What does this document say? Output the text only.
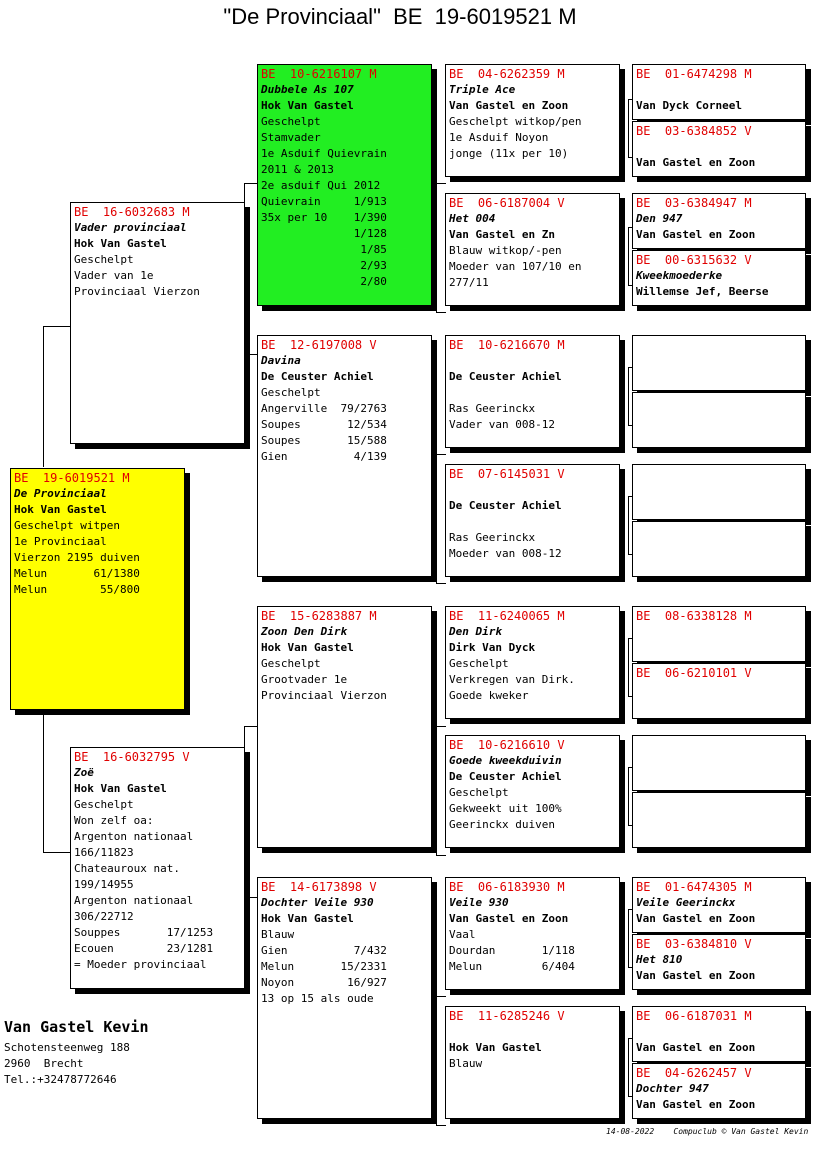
"De Provinciaal"  BE  19-6019521 M
BE  19-6019521 M
De Provinciaal
Hok Van Gastel
Geschelpt witpen
1e Provinciaal
Vierzon 2195 duiven
Melun       61/1380
Melun        55/800
BE  16-6032683 M
Vader provinciaal
Hok Van Gastel
Geschelpt
Vader van 1e
Provinciaal Vierzon
BE  16-6032795 V
Zoë
Hok Van Gastel
Geschelpt
Won zelf oa:
Argenton nationaal
166/11823
Chateauroux nat.
199/14955
Argenton nationaal
306/22712
Souppes       17/1253
Ecouen        23/1281
= Moeder provinciaal
BE  10-6216107 M
Dubbele As 107
Hok Van Gastel
Geschelpt
Stamvader
1e Asduif Quievrain
2011 & 2013
2e asduif Qui 2012
Quievrain     1/913
35x per 10    1/390
1/128
1/85
2/93
2/80
BE  12-6197008 V
Davina
De Ceuster Achiel
Geschelpt
Angerville  79/2763
Soupes       12/534
Soupes       15/588
Gien          4/139
BE  15-6283887 M
Zoon Den Dirk
Hok Van Gastel
Geschelpt
Grootvader 1e
Provinciaal Vierzon
BE  14-6173898 V
Dochter Veile 930
Hok Van Gastel
Blauw
Gien          7/432
Melun       15/2331
Noyon        16/927
13 op 15 als oude
BE  04-6262359 M
Triple Ace
Van Gastel en Zoon
Geschelpt witkop/pen
1e Asduif Noyon
jonge (11x per 10)
BE  06-6187004 V
Het 004
Van Gastel en Zn
Blauw witkop/-pen
Moeder van 107/10 en
277/11
BE  10-6216670 M
De Ceuster Achiel
Ras Geerinckx
Vader van 008-12
BE  07-6145031 V
De Ceuster Achiel
Ras Geerinckx
Moeder van 008-12
BE  11-6240065 M
Den Dirk
Dirk Van Dyck
Geschelpt
Verkregen van Dirk.
Goede kweker
BE  10-6216610 V
Goede kweekduivin
De Ceuster Achiel
Geschelpt
Gekweekt uit 100%
Geerinckx duiven
BE  06-6183930 M
Veile 930
Van Gastel en Zoon
Vaal
Dourdan       1/118
Melun         6/404
BE  11-6285246 V
Hok Van Gastel
Blauw
BE  01-6474298 M
Van Dyck Corneel
BE  03-6384852 V
Van Gastel en Zoon
BE  03-6384947 M
Den 947
Van Gastel en Zoon
BE  00-6315632 V
Kweekmoederke
Willemse Jef, Beerse
BE  08-6338128 M
BE  06-6210101 V
BE  01-6474305 M
Veile Geerinckx
Van Gastel en Zoon
BE  03-6384810 V
Het 810
Van Gastel en Zoon
BE  06-6187031 M
Van Gastel en Zoon
BE  04-6262457 V
Dochter 947
Van Gastel en Zoon
Van Gastel Kevin
Schotensteenweg 188
2960  Brecht
Tel.:+32478772646
14-08-2022    Compuclub © Van Gastel Kevin
